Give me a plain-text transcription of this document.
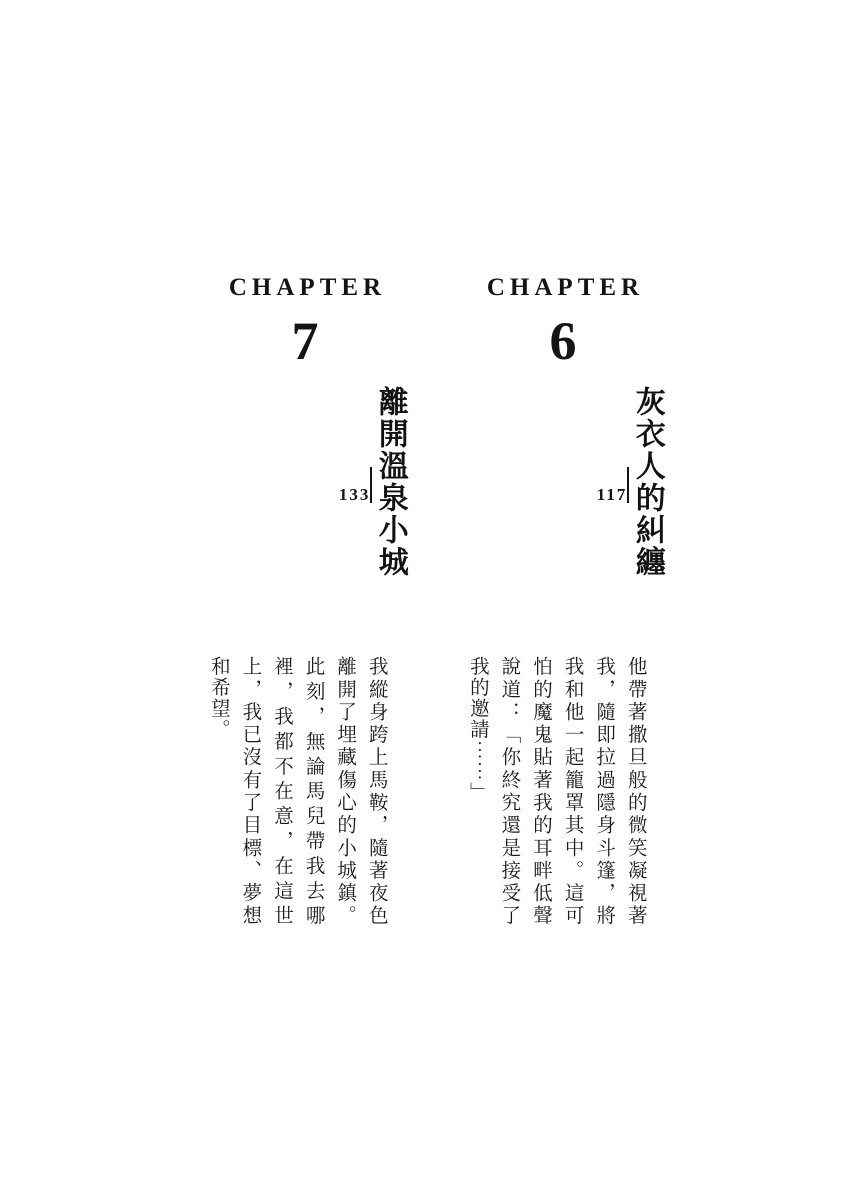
CHAPTER
6
灰衣人的糾纏
117
他帶著撒旦般的微笑凝視著我，隨即拉過隱身斗篷，將我和他一起籠罩其中。這可怕的魔鬼貼著我的耳畔低聲說道：「你終究還是接受了我的邀請⋯⋯」
CHAPTER
7
離開溫泉小城
133
我縱身跨上馬鞍，隨著夜色離開了埋藏傷心的小城鎮。此刻，無論馬兒帶我去哪裡，我都不在意，在這世上，我已沒有了目標、夢想和希望。
